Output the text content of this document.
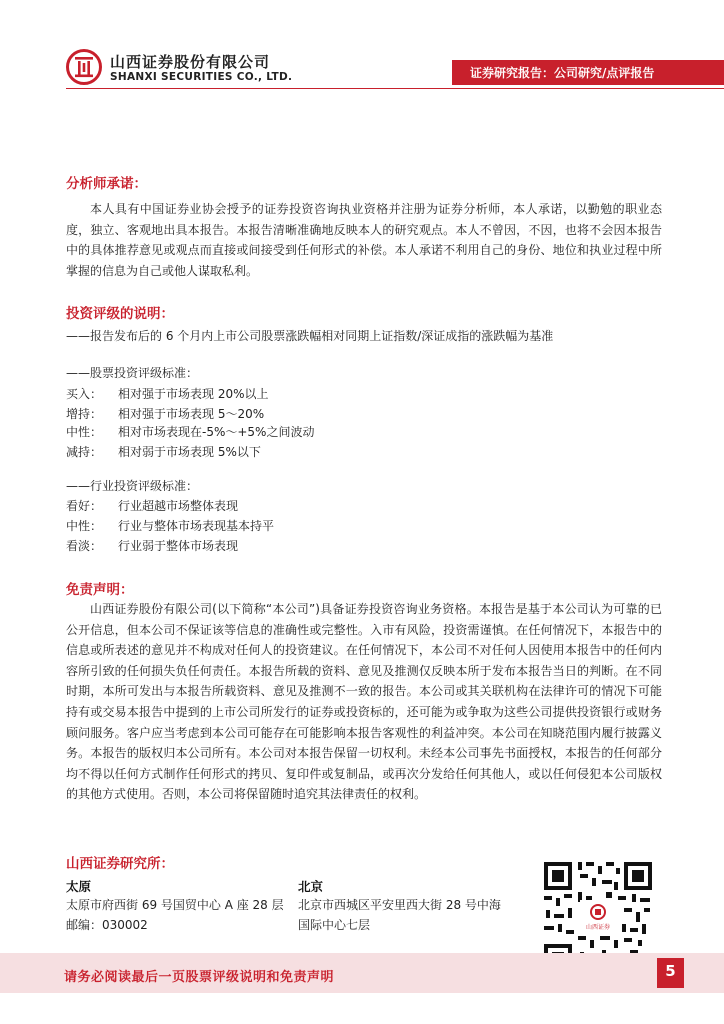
山西证券股份有限公司
SHANXI SECURITIES CO., LTD.	证券研究报告：公司研究/点评报告
分析师承诺：

本人具有中国证券业协会授予的证券投资咨询执业资格并注册为证券分析师，本人承诺，以勤勉的职业态度，独立、客观地出具本报告。本报告清晰准确地反映本人的研究观点。本人不曾因，不因，也将不会因本报告中的具体推荐意见或观点而直接或间接受到任何形式的补偿。本人承诺不利用自己的身份、地位和执业过程中所掌握的信息为自己或他人谋取私利。

投资评级的说明：
——报告发布后的 6 个月内上市公司股票涨跌幅相对同期上证指数/深证成指的涨跌幅为基准
——股票投资评级标准：
买入： 相对强于市场表现 20%以上
增持： 相对强于市场表现 5～20%
中性： 相对市场表现在-5%～+5%之间波动
减持： 相对弱于市场表现 5%以下
——行业投资评级标准：
看好： 行业超越市场整体表现
中性： 行业与整体市场表现基本持平
看淡： 行业弱于整体市场表现
免责声明：

山西证券股份有限公司(以下简称“本公司”)具备证券投资咨询业务资格。本报告是基于本公司认为可靠的已公开信息，但本公司不保证该等信息的准确性或完整性。入市有风险，投资需谨慎。在任何情况下，本报告中的信息或所表述的意见并不构成对任何人的投资建议。在任何情况下，本公司不对任何人因使用本报告中的任何内容所引致的任何损失负任何责任。本报告所载的资料、意见及推测仅反映本所于发布本报告当日的判断。在不同时期，本所可发出与本报告所载资料、意见及推测不一致的报告。本公司或其关联机构在法律许可的情况下可能持有或交易本报告中提到的上市公司所发行的证券或投资标的，还可能为或争取为这些公司提供投资银行或财务顾问服务。客户应当考虑到本公司可能存在可能影响本报告客观性的利益冲突。本公司在知晓范围内履行披露义务。本报告的版权归本公司所有。本公司对本报告保留一切权利。未经本公司事先书面授权，本报告的任何部分均不得以任何方式制作任何形式的拷贝、复印件或复制品，或再次分发给任何其他人，或以任何侵犯本公司版权的其他方式使用。否则，本公司将保留随时追究其法律责任的权利。

山西证券研究所：
太原
太原市府西街 69 号国贸中心 A 座 28 层
邮编：030002
北京
北京市西城区平安里西大街 28 号中海
国际中心七层	山西证券
请务必阅读最后一页股票评级说明和免责声明	5
